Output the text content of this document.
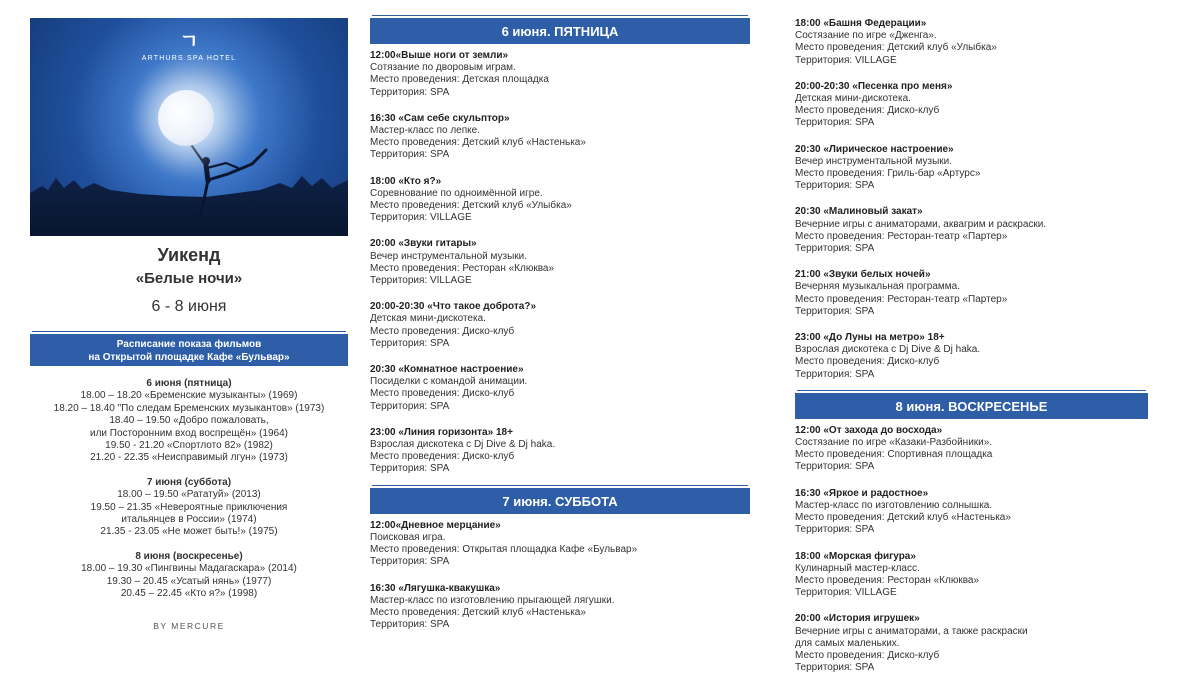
ㄱ
ARTHURS SPA HOTEL
Уикенд
«Белые ночи»
6 - 8 июня
Расписание показа фильмов
на Открытой площадке Кафе «Бульвар»
6 июня (пятница)
18.00 – 18.20 «Бременские музыканты» (1969)
18.20 – 18.40 "По следам Бременских музыкантов» (1973)
18.40 – 19.50 «Добро пожаловать,
или Посторонним вход воспрещён» (1964)
19.50 - 21.20 «Спортлото 82» (1982)
21.20 - 22.35 «Неисправимый лгун» (1973)
7 июня (суббота)
18.00 – 19.50 «Рататуй» (2013)
19.50 – 21.35 «Невероятные приключения
итальянцев в России» (1974)
21.35 - 23.05 «Не может быть!» (1975)
8 июня (воскресенье)
18.00 – 19.30 «Пингвины Мадагаскара» (2014)
19.30 – 20.45 «Усатый нянь» (1977)
20.45 – 22.45 «Кто я?» (1998)
BY MERCURE
6 июня. ПЯТНИЦА
12:00«Выше ноги от земли»
Сотязание по дворовым играм.
Место проведения: Детская площадка
Территория: SPA
16:30 «Сам себе скульптор»
Мастер-класс по лепке.
Место проведения: Детский клуб «Настенька»
Территория: SPA
18:00 «Кто я?»
Соревнование по одноимённой игре.
Место проведения: Детский клуб «Улыбка»
Территория: VILLAGE
20:00 «Звуки гитары»
Вечер инструментальной музыки.
Место проведения: Ресторан «Клюква»
Территория: VILLAGE
20:00-20:30 «Что такое доброта?»
Детская мини-дискотека.
Место проведения: Диско-клуб
Территория: SPA
20:30 «Комнатное настроение»
Посиделки с командой анимации.
Место проведения: Диско-клуб
Территория: SPA
23:00 «Линия горизонта» 18+
Взрослая дискотека с Dj Dive & Dj haka.
Место проведения: Диско-клуб
Территория: SPA
7 июня. СУББОТА
12:00«Дневное мерцание»
Поисковая игра.
Место проведения: Открытая площадка Кафе «Бульвар»
Территория: SPA
16:30 «Лягушка-квакушка»
Мастер-класс по изготовлению прыгающей лягушки.
Место проведения: Детский клуб «Настенька»
Территория: SPA
18:00 «Башня Федерации»
Состязание по игре «Дженга».
Место проведения: Детский клуб «Улыбка»
Территория: VILLAGE
20:00-20:30 «Песенка про меня»
Детская мини-дискотека.
Место проведения: Диско-клуб
Территория: SPA
20:30 «Лирическое настроение»
Вечер инструментальной музыки.
Место проведения: Гриль-бар «Артурс»
Территория: SPA
20:30 «Малиновый закат»
Вечерние игры с аниматорами, аквагрим и раскраски.
Место проведения: Ресторан-театр «Партер»
Территория: SPA
21:00 «Звуки белых ночей»
Вечерняя музыкальная программа.
Место проведения: Ресторан-театр «Партер»
Территория: SPA
23:00 «До Луны на метро» 18+
Взрослая дискотека с Dj Dive & Dj haka.
Место проведения: Диско-клуб
Территория: SPA
8 июня. ВОСКРЕСЕНЬЕ
12:00 «От захода до восхода»
Состязание по игре «Казаки-Разбойники».
Место проведения: Спортивная площадка
Территория: SPA
16:30 «Яркое и радостное»
Мастер-класс по изготовлению солнышка.
Место проведения: Детский клуб «Настенька»
Территория: SPA
18:00 «Морская фигура»
Кулинарный мастер-класс.
Место проведения: Ресторан «Клюква»
Территория: VILLAGE
20:00 «История игрушек»
Вечерние игры с аниматорами, а также раскраски
для самых маленьких.
Место проведения: Диско-клуб
Территория: SPA
